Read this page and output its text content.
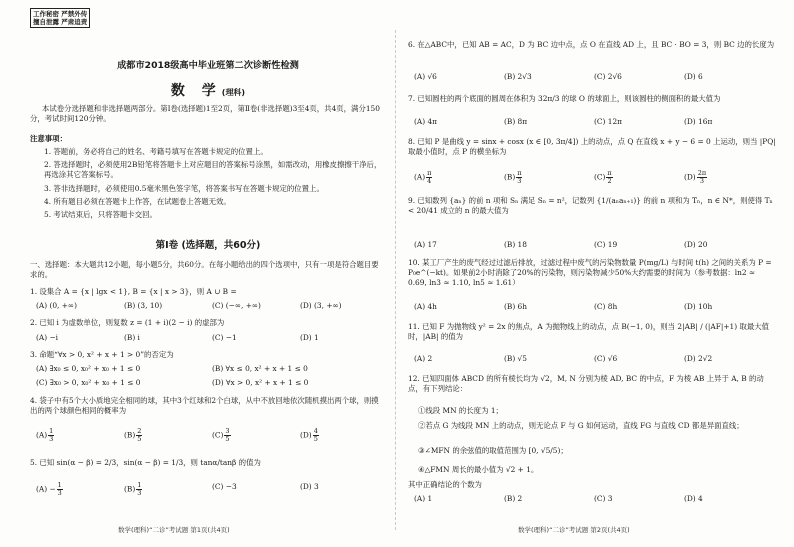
工作秘密 严禁外传
擅自泄露 严肃追责
成都市2018级高中毕业班第二次诊断性检测
数 学(理科)
本试卷分选择题和非选择题两部分。第Ⅰ卷(选择题)1至2页，第Ⅱ卷(非选择题)3至4页，共4页，满分150分，考试时间120分钟。
注意事项：
1. 答题前，务必将自己的姓名、考籍号填写在答题卡规定的位置上。
2. 答选择题时，必须使用2B铅笔将答题卡上对应题目的答案标号涂黑，如需改动，用橡皮擦擦干净后，再选涂其它答案标号。
3. 答非选择题时，必须使用0.5毫米黑色签字笔，将答案书写在答题卡规定的位置上。
4. 所有题目必须在答题卡上作答，在试题卷上答题无效。
5. 考试结束后，只将答题卡交回。
第Ⅰ卷 (选择题，共60分)
一、选择题：本大题共12小题，每小题5分，共60分。在每小题给出的四个选项中，只有一项是符合题目要求的。
1. 设集合 A = {x | lgx < 1}, B = {x | x > 3}，则 A ∪ B =
(A) (0, +∞)	(B) (3, 10)	(C) (−∞, +∞)	(D) (3, +∞)
2. 已知 i 为虚数单位，则复数 z = (1 + i)(2 − i) 的虚部为
(A) −i	(B) i	(C) −1	(D) 1
3. 命题“∀x > 0, x² + x + 1 > 0”的否定为
(A) ∃x₀ ≤ 0, x₀² + x₀ + 1 ≤ 0	(B) ∀x ≤ 0, x² + x + 1 ≤ 0
(C) ∃x₀ > 0, x₀² + x₀ + 1 ≤ 0	(D) ∀x > 0, x² + x + 1 ≤ 0
4. 袋子中有5个大小质地完全相同的球，其中3个红球和2个白球，从中不放回地依次随机摸出两个球，则摸出的两个球颜色相同的概率为
$(A) \frac{1}{3}$	$(B) \frac{2}{5}$	$(C) \frac{3}{5}$	$(D) \frac{4}{5}$
5. 已知 sin(α − β) = 2/3，sin(α − β) = 1/3，则 tanα/tanβ 的值为
$(A) - \frac{1}{3}$	$(B) \frac{1}{3}$	(C) −3	(D) 3
数学(理科)“二诊”考试题 第1页(共4页)
6. 在△ABC中，已知 AB = AC，D 为 BC 边中点，点 O 在直线 AD 上，且 BC · BO = 3，则 BC 边的长度为
(A) √6	(B) 2√3	(C) 2√6	(D) 6
7. 已知圆柱的两个底面的圆周在体积为 32π/3 的球 O 的球面上，则该圆柱的侧面积的最大值为
(A) 4π	(B) 8π	(C) 12π	(D) 16π
8. 已知 P 是曲线 y = sinx + cosx (x ∈ [0, 3π/4]) 上的动点，点 Q 在直线 x + y − 6 = 0 上运动，则当 |PQ| 取最小值时，点 P 的横坐标为
$(A) \frac{\pi}{4}$	$(B) \frac{\pi}{3}$	$(C) \frac{\pi}{2}$	$(D) \frac{2\pi}{3}$
9. 已知数列 {aₙ} 的前 n 项和 Sₙ 满足 Sₙ = n²，记数列 {1/(aₙaₙ₊₁)} 的前 n 项和为 Tₙ，n ∈ N*，则使得 Tₙ < 20/41 成立的 n 的最大值为
(A) 17	(B) 18	(C) 19	(D) 20
10. 某工厂产生的废气经过过滤后排放，过滤过程中废气的污染物数量 P(mg/L) 与时间 t(h) 之间的关系为 P = P₀e^(−kt)。如果前2小时消除了20%的污染物，则污染物减少50%大约需要的时间为（参考数据：ln2 ≈ 0.69, ln3 ≈ 1.10, ln5 ≈ 1.61）
(A) 4h	(B) 6h	(C) 8h	(D) 10h
11. 已知 F 为抛物线 y² = 2x 的焦点，A 为抛物线上的动点，点 B(−1, 0)，则当 2|AB| / (|AF|+1) 取最大值时，|AB| 的值为
(A) 2	(B) √5	(C) √6	(D) 2√2
12. 已知四面体 ABCD 的所有棱长均为 √2，M, N 分别为棱 AD, BC 的中点，F 为棱 AB 上异于 A, B 的动点，有下列结论：
①线段 MN 的长度为 1；
②若点 G 为线段 MN 上的动点，则无论点 F 与 G 如何运动，直线 FG 与直线 CD 都是异面直线；
③∠MFN 的余弦值的取值范围为 [0, √5/5)；
④△FMN 周长的最小值为 √2 + 1。
其中正确结论的个数为
(A) 1	(B) 2	(C) 3	(D) 4
数学(理科)“二诊”考试题 第2页(共4页)
